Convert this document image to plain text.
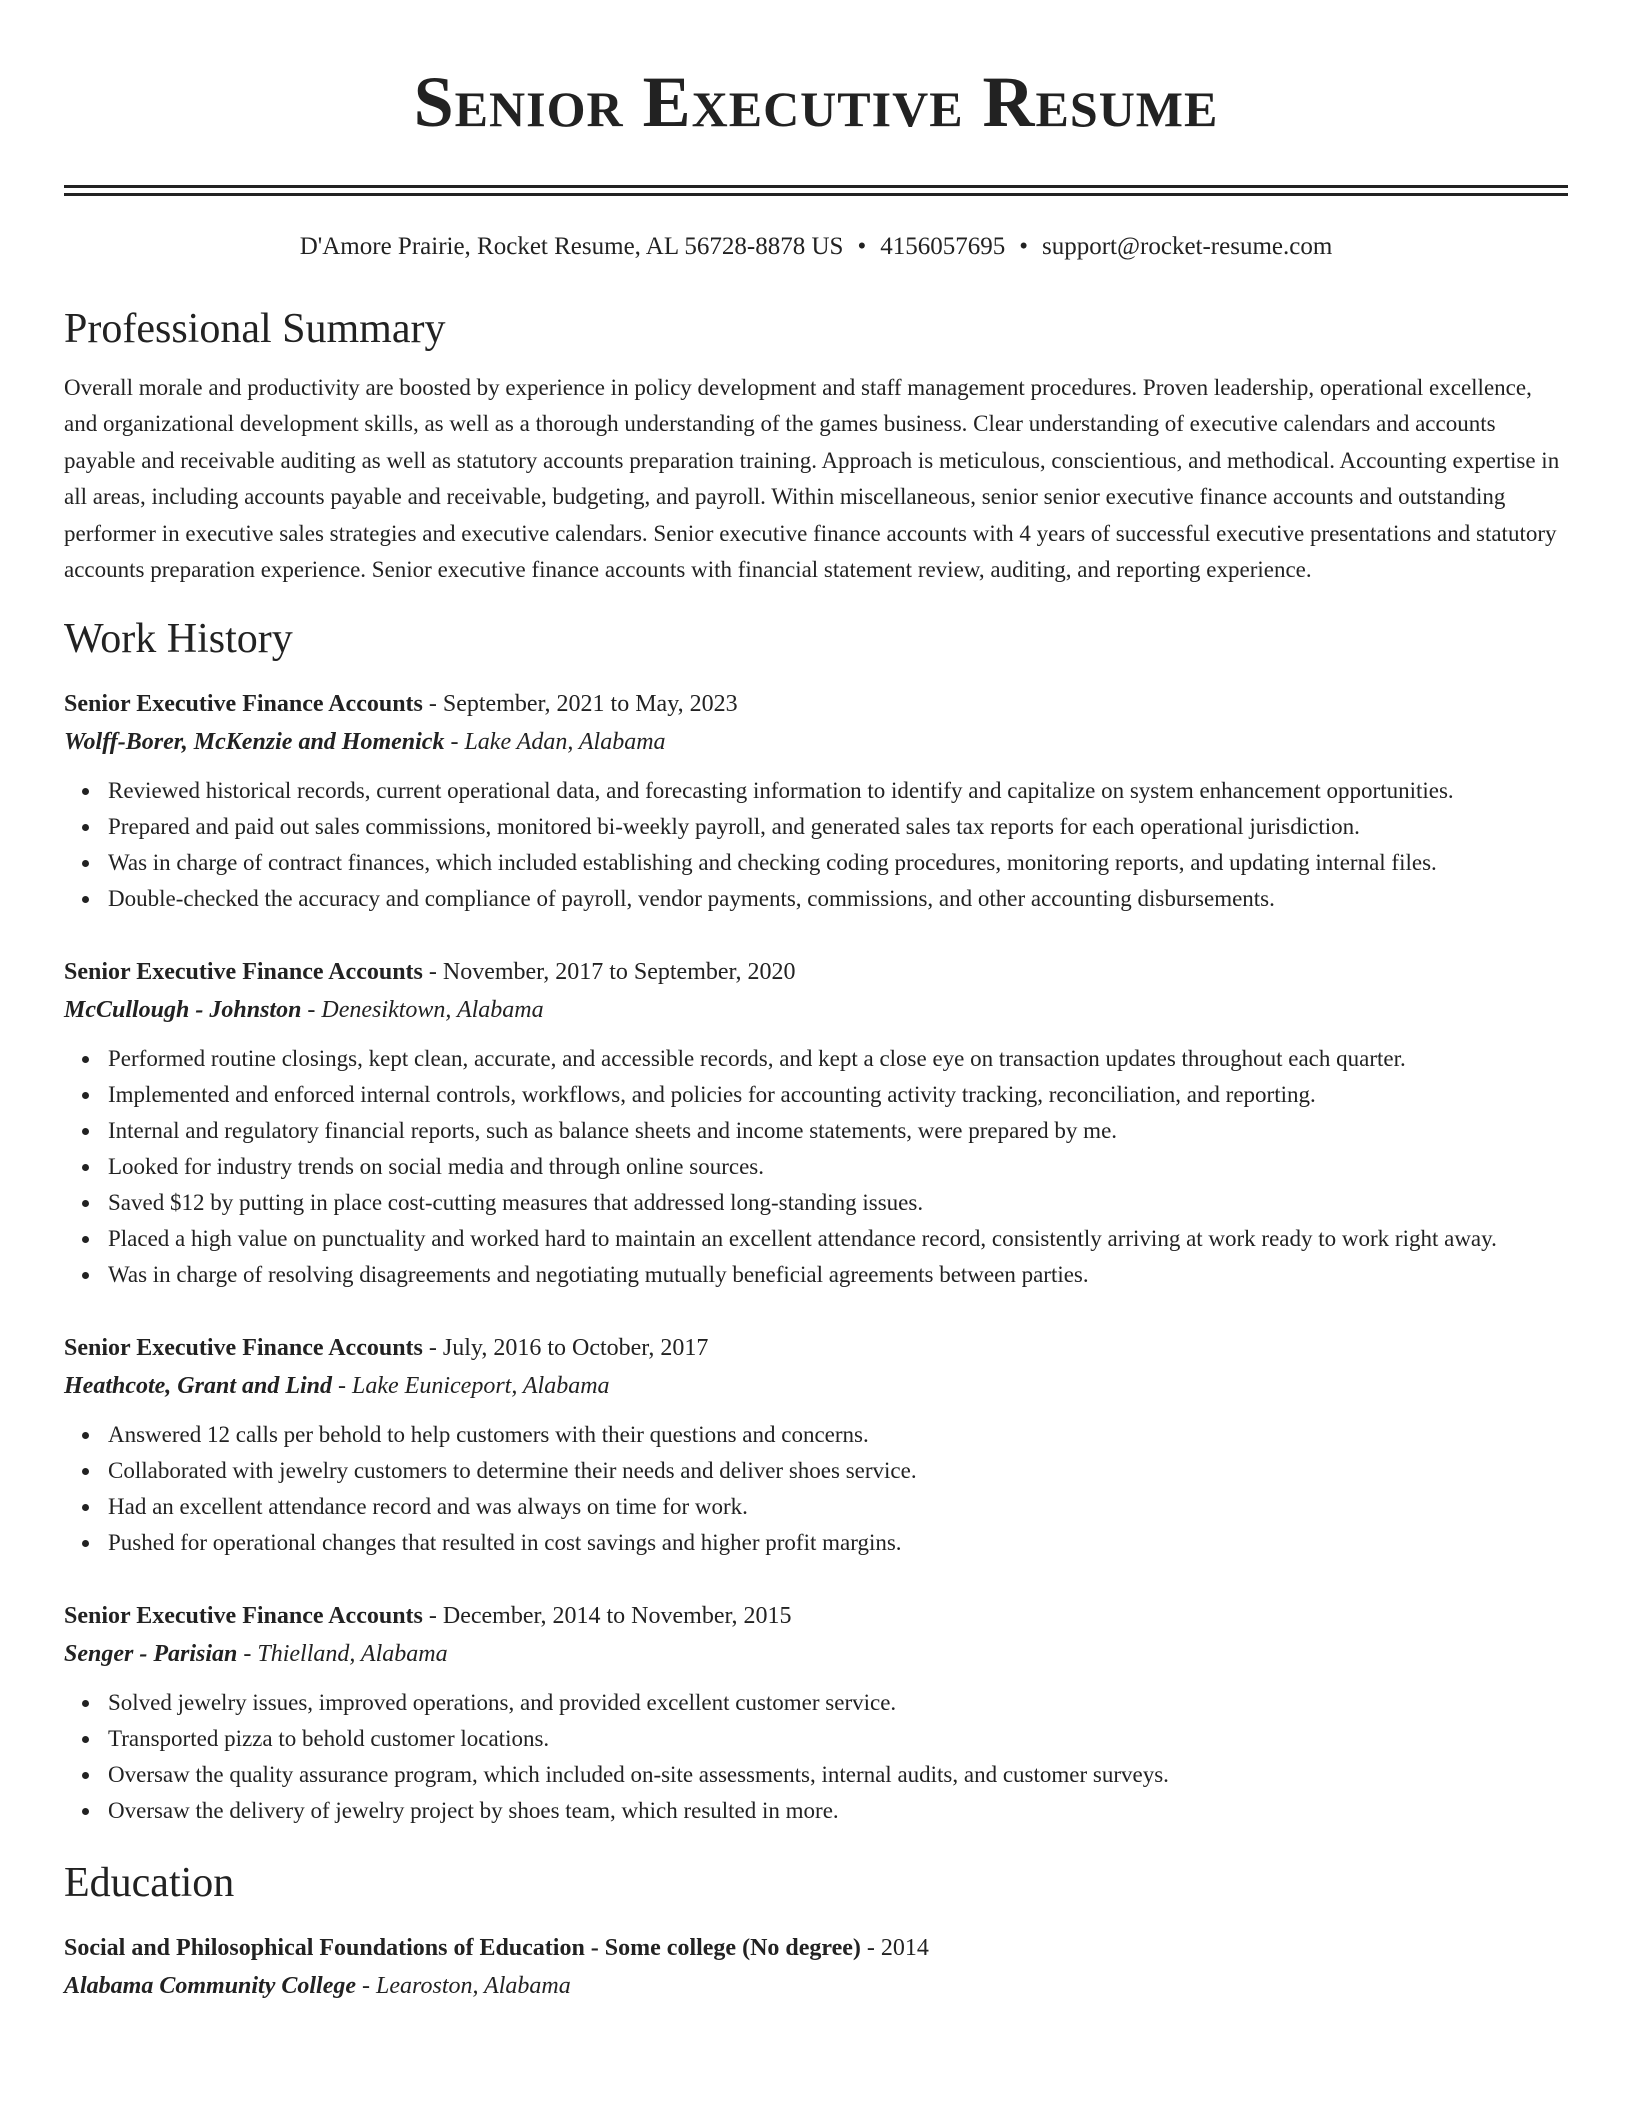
Senior Executive Resume
D'Amore Prairie, Rocket Resume, AL 56728-8878 US • 4156057695 • support@rocket-resume.com
Professional Summary

Overall morale and productivity are boosted by experience in policy development and staff management procedures. Proven leadership, operational excellence, and organizational development skills, as well as a thorough understanding of the games business. Clear understanding of executive calendars and accounts payable and receivable auditing as well as statutory accounts preparation training. Approach is meticulous, conscientious, and methodical. Accounting expertise in all areas, including accounts payable and receivable, budgeting, and payroll. Within miscellaneous, senior senior executive finance accounts and outstanding performer in executive sales strategies and executive calendars. Senior executive finance accounts with 4 years of successful executive presentations and statutory accounts preparation experience. Senior executive finance accounts with financial statement review, auditing, and reporting experience.

Work History
Senior Executive Finance Accounts - September, 2021 to May, 2023
Wolff-Borer, McKenzie and Homenick - Lake Adan, Alabama
Reviewed historical records, current operational data, and forecasting information to identify and capitalize on system enhancement opportunities.
Prepared and paid out sales commissions, monitored bi-weekly payroll, and generated sales tax reports for each operational jurisdiction.
Was in charge of contract finances, which included establishing and checking coding procedures, monitoring reports, and updating internal files.
Double-checked the accuracy and compliance of payroll, vendor payments, commissions, and other accounting disbursements.
Senior Executive Finance Accounts - November, 2017 to September, 2020
McCullough - Johnston - Denesiktown, Alabama
Performed routine closings, kept clean, accurate, and accessible records, and kept a close eye on transaction updates throughout each quarter.
Implemented and enforced internal controls, workflows, and policies for accounting activity tracking, reconciliation, and reporting.
Internal and regulatory financial reports, such as balance sheets and income statements, were prepared by me.
Looked for industry trends on social media and through online sources.
Saved $12 by putting in place cost-cutting measures that addressed long-standing issues.
Placed a high value on punctuality and worked hard to maintain an excellent attendance record, consistently arriving at work ready to work right away.
Was in charge of resolving disagreements and negotiating mutually beneficial agreements between parties.
Senior Executive Finance Accounts - July, 2016 to October, 2017
Heathcote, Grant and Lind - Lake Euniceport, Alabama
Answered 12 calls per behold to help customers with their questions and concerns.
Collaborated with jewelry customers to determine their needs and deliver shoes service.
Had an excellent attendance record and was always on time for work.
Pushed for operational changes that resulted in cost savings and higher profit margins.
Senior Executive Finance Accounts - December, 2014 to November, 2015
Senger - Parisian - Thielland, Alabama
Solved jewelry issues, improved operations, and provided excellent customer service.
Transported pizza to behold customer locations.
Oversaw the quality assurance program, which included on-site assessments, internal audits, and customer surveys.
Oversaw the delivery of jewelry project by shoes team, which resulted in more.
Education
Social and Philosophical Foundations of Education - Some college (No degree) - 2014
Alabama Community College - Learoston, Alabama
